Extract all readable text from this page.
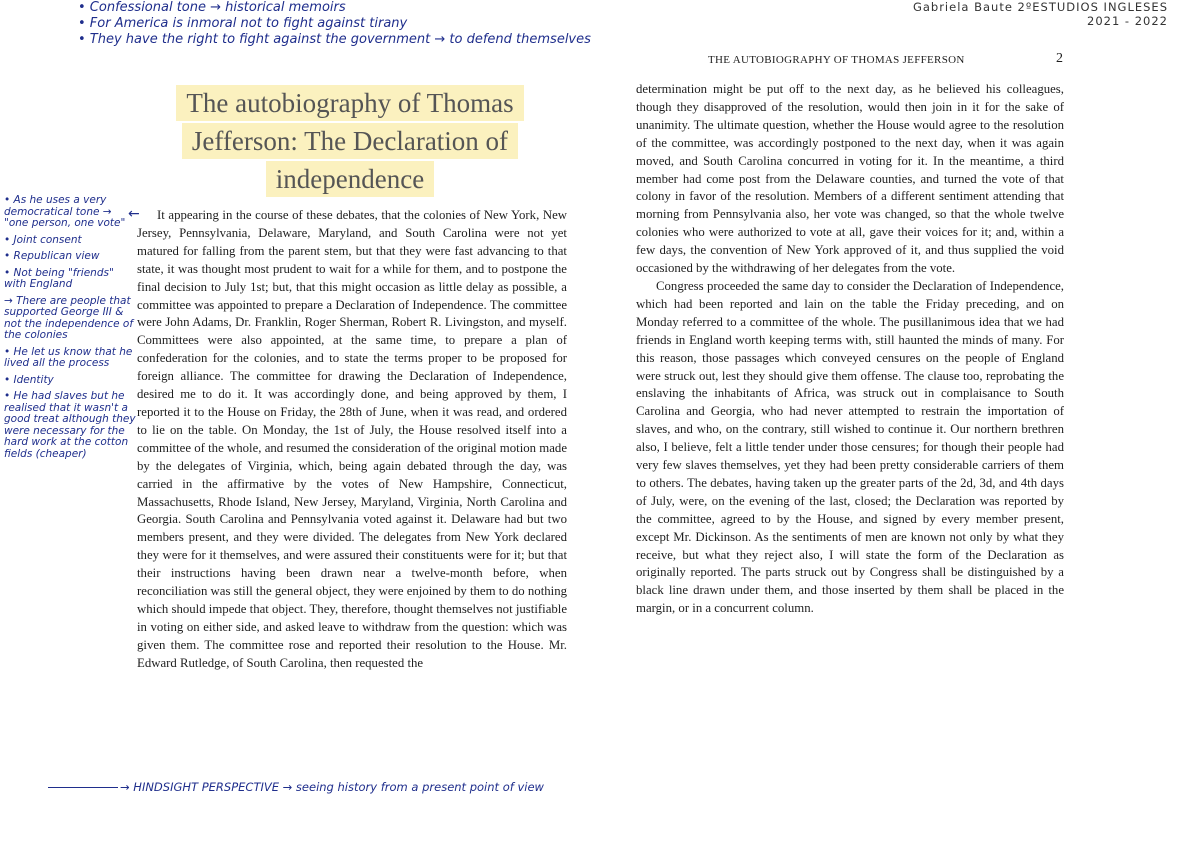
• Confessional tone → historical memoirs
• For America is inmoral not to fight against tirany
• They have the right to fight against the government → to defend themselves
Gabriela Baute 2ºESTUDIOS INGLESES
2021 - 2022
THE AUTOBIOGRAPHY OF THOMAS JEFFERSON	2
The autobiography of Thomas
Jefferson: The Declaration of
independence
• As he uses a very democratical tone → "one person, one vote"
• Joint consent
• Republican view
• Not being "friends" with England
→ There are people that supported George III & not the independence of the colonies
• He let us know that he lived all the process
• Identity
• He had slaves but he realised that it wasn't a good treat although they were necessary for the hard work at the cotton fields (cheaper)
←	It appearing in the course of these debates, that the colonies of New York, New Jersey, Pennsylvania, Delaware, Maryland, and South Carolina were not yet matured for falling from the parent stem, but that they were fast advancing to that state, it was thought most prudent to wait for a while for them, and to postpone the final decision to July 1st; but, that this might occasion as little delay as possible, a committee was appointed to prepare a Declaration of Independence. The committee were John Adams, Dr. Franklin, Roger Sherman, Robert R. Livingston, and myself. Committees were also appointed, at the same time, to prepare a plan of confederation for the colonies, and to state the terms proper to be proposed for foreign alliance. The committee for drawing the Declaration of Independence, desired me to do it. It was accordingly done, and being approved by them, I reported it to the House on Friday, the 28th of June, when it was read, and ordered to lie on the table. On Monday, the 1st of July, the House resolved itself into a committee of the whole, and resumed the consideration of the original motion made by the delegates of Virginia, which, being again debated through the day, was carried in the affirmative by the votes of New Hampshire, Connecticut, Massachusetts, Rhode Island, New Jersey, Maryland, Virginia, North Carolina and Georgia. South Carolina and Pennsylvania voted against it. Delaware had but two members present, and they were divided. The delegates from New York declared they were for it themselves, and were assured their constituents were for it; but that their instructions having been drawn near a twelve-month before, when reconciliation was still the general object, they were enjoined by them to do nothing which should impede that object. They, therefore, thought themselves not justifiable in voting on either side, and asked leave to withdraw from the question: which was given them. The committee rose and reported their resolution to the House. Mr. Edward Rutledge, of South Carolina, then requested the

determination might be put off to the next day, as he believed his colleagues, though they disapproved of the resolution, would then join in it for the sake of unanimity. The ultimate question, whether the House would agree to the resolution of the committee, was accordingly postponed to the next day, when it was again moved, and South Carolina concurred in voting for it. In the meantime, a third member had come post from the Delaware counties, and turned the vote of that colony in favor of the resolution. Members of a different sentiment attending that morning from Pennsylvania also, her vote was changed, so that the whole twelve colonies who were authorized to vote at all, gave their voices for it; and, within a few days, the convention of New York approved of it, and thus supplied the void occasioned by the withdrawing of her delegates from the vote.

Congress proceeded the same day to consider the Declaration of Independence, which had been reported and lain on the table the Friday preceding, and on Monday referred to a committee of the whole. The pusillanimous idea that we had friends in England worth keeping terms with, still haunted the minds of many. For this reason, those passages which conveyed censures on the people of England were struck out, lest they should give them offense. The clause too, reprobating the enslaving the inhabitants of Africa, was struck out in complaisance to South Carolina and Georgia, who had never attempted to restrain the importation of slaves, and who, on the contrary, still wished to continue it. Our northern brethren also, I believe, felt a little tender under those censures; for though their people had very few slaves themselves, yet they had been pretty considerable carriers of them to others. The debates, having taken up the greater parts of the 2d, 3d, and 4th days of July, were, on the evening of the last, closed; the Declaration was reported by the committee, agreed to by the House, and signed by every member present, except Mr. Dickinson. As the sentiments of men are known not only by what they receive, but what they reject also, I will state the form of the Declaration as originally reported. The parts struck out by Congress shall be distinguished by a black line drawn under them, and those inserted by them shall be placed in the margin, or in a concurrent column.

→ HINDSIGHT PERSPECTIVE → seeing history from a present point of view
